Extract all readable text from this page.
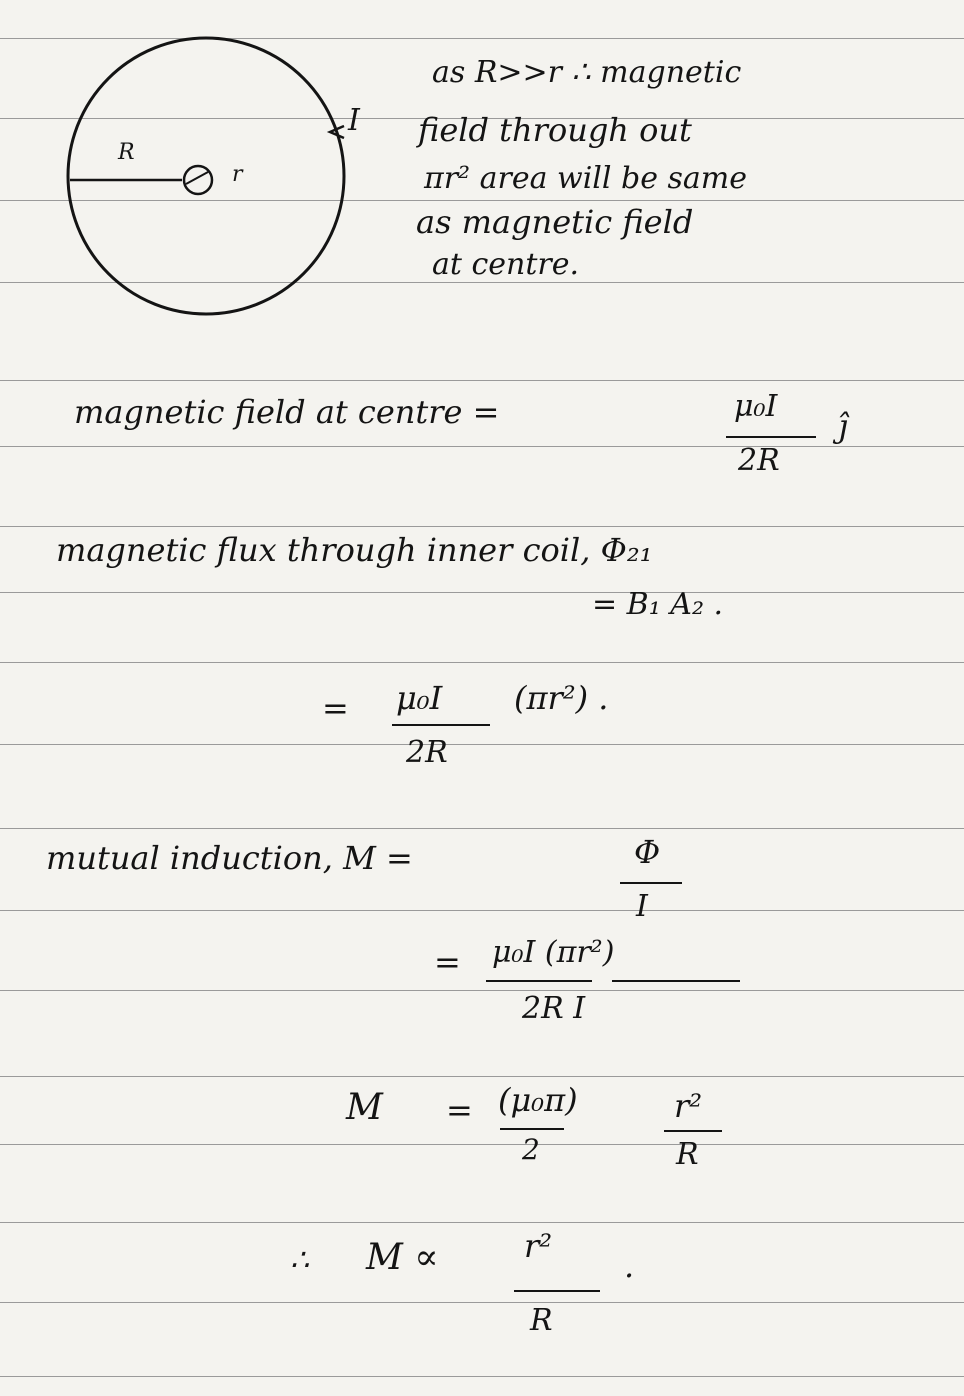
R
r
I
as R>>r ∴ magnetic
field through out
πr² area will be same
as magnetic field
at centre.
magnetic field at centre =	μ₀I
ĵ
2R
magnetic flux through inner coil, Φ₂₁
= B₁ A₂ .
= μ₀I (πr²) .
2R
mutual induction, M =	Φ
I
= μ₀I (πr²)
2R I
M = (μ₀π)
2
r²
R
∴ M ∝	r²
.
R
